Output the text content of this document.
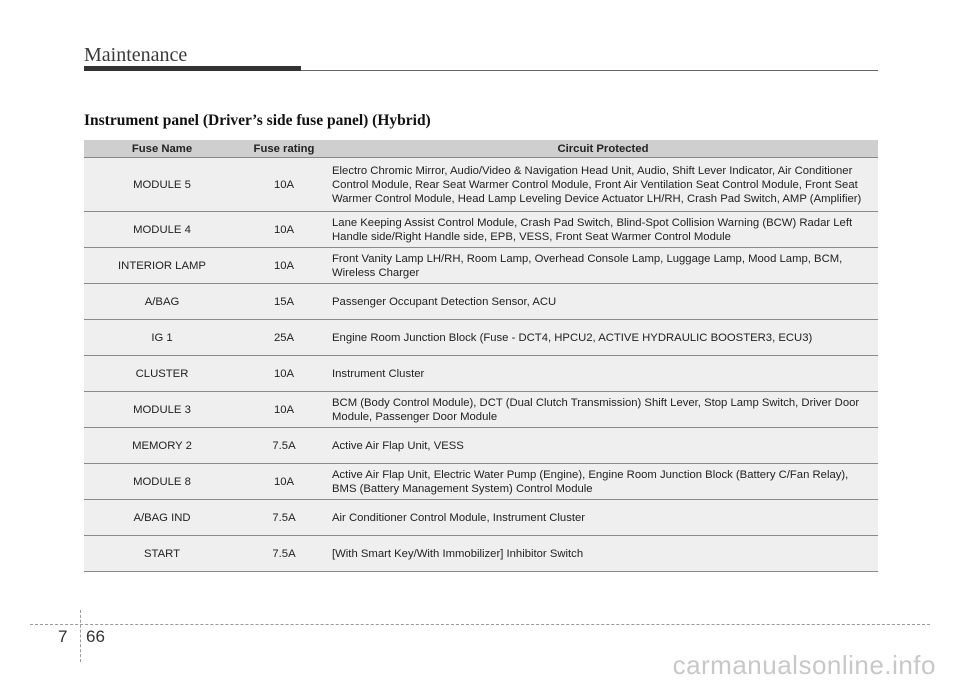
Maintenance
Instrument panel (Driver’s side fuse panel) (Hybrid)
Fuse Name	Fuse rating	Circuit Protected
MODULE 5	10A	Electro Chromic Mirror, Audio/Video & Navigation Head Unit, Audio, Shift Lever Indicator, Air Conditioner Control Module, Rear Seat Warmer Control Module, Front Air Ventilation Seat Control Module, Front Seat Warmer Control Module, Head Lamp Leveling Device Actuator LH/RH, Crash Pad Switch, AMP (Amplifier)
MODULE 4	10A	Lane Keeping Assist Control Module, Crash Pad Switch, Blind-Spot Collision Warning (BCW) Radar Left Handle side/Right Handle side, EPB, VESS, Front Seat Warmer Control Module
INTERIOR LAMP	10A	Front Vanity Lamp LH/RH, Room Lamp, Overhead Console Lamp, Luggage Lamp, Mood Lamp, BCM, Wireless Charger
A/BAG	15A	Passenger Occupant Detection Sensor, ACU
IG 1	25A	Engine Room Junction Block (Fuse - DCT4, HPCU2, ACTIVE HYDRAULIC BOOSTER3, ECU3)
CLUSTER	10A	Instrument Cluster
MODULE 3	10A	BCM (Body Control Module), DCT (Dual Clutch Transmission) Shift Lever, Stop Lamp Switch, Driver Door Module, Passenger Door Module
MEMORY 2	7.5A	Active Air Flap Unit, VESS
MODULE 8	10A	Active Air Flap Unit, Electric Water Pump (Engine), Engine Room Junction Block (Battery C/Fan Relay), BMS (Battery Management System) Control Module
A/BAG IND	7.5A	Air Conditioner Control Module, Instrument Cluster
START	7.5A	[With Smart Key/With Immobilizer] Inhibitor Switch
7 66
carmanualsonline.info
